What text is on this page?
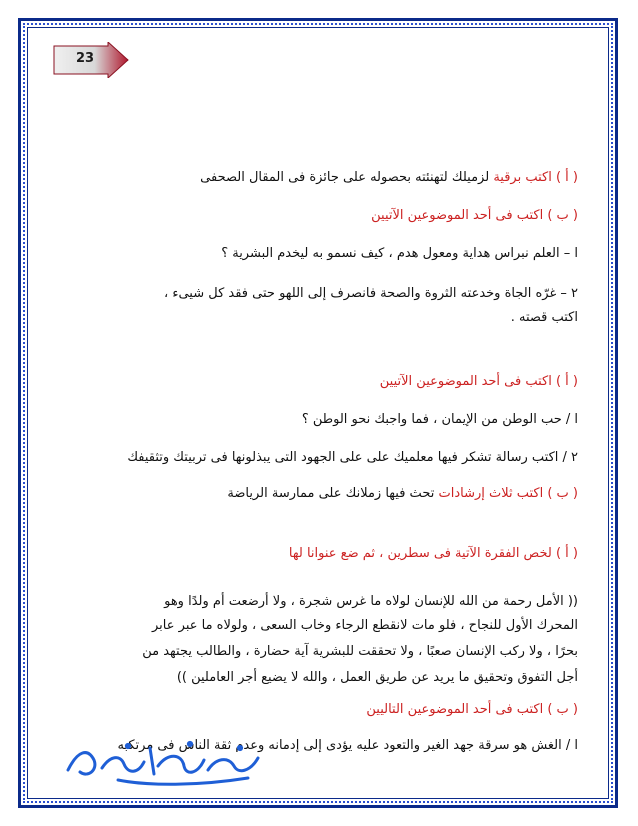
23
( أ ) اكتب برقية لزميلك لتهنئته بحصوله على جائزة فى المقال الصحفى
( ب ) اكتب فى أحد الموضوعين الآتيين
ا – العلم نبراس هداية ومعول هدم ، كيف نسمو به ليخدم البشرية ؟
٢ – غرّه الجاة وخدعته الثروة والصحة فانصرف إلى اللهو حتى فقد كل شيىء ،
اكتب قصته .
( أ ) اكتب فى أحد الموضوعين الآتيين
ا / حب الوطن من الإيمان ، فما واجبك نحو الوطن ؟
٢ / اكتب رسالة تشكر فيها معلميك على على الجهود التى يبذلونها فى تربيتك وتثقيفك
( ب ) اكتب ثلاث إرشادات تحث فيها زملانك على ممارسة الرياضة
( أ ) لخص الفقرة الآتية فى سطرين ، ثم ضع عنوانا لها
(( الأمل رحمة من الله للإنسان لولاه ما غرس شجرة ، ولا أرضعت أم ولدًا وهو
المحرك الأول للنجاح ، فلو مات لانقطع الرجاء وخاب السعى ، ولولاه ما عبر عابر
بحرًا ، ولا ركب الإنسان صعبًا ، ولا تحققت للبشرية آية حضارة ، والطالب يجتهد من
أجل التفوق وتحقيق ما يريد عن طريق العمل ، والله لا يضيع أجر العاملين ))
( ب ) اكتب فى أحد الموضوعين التاليين
ا / الغش هو سرقة جهد الغير والتعود عليه يؤدى إلى إدمانه وعدم ثقة الناس فى مرتكبه
